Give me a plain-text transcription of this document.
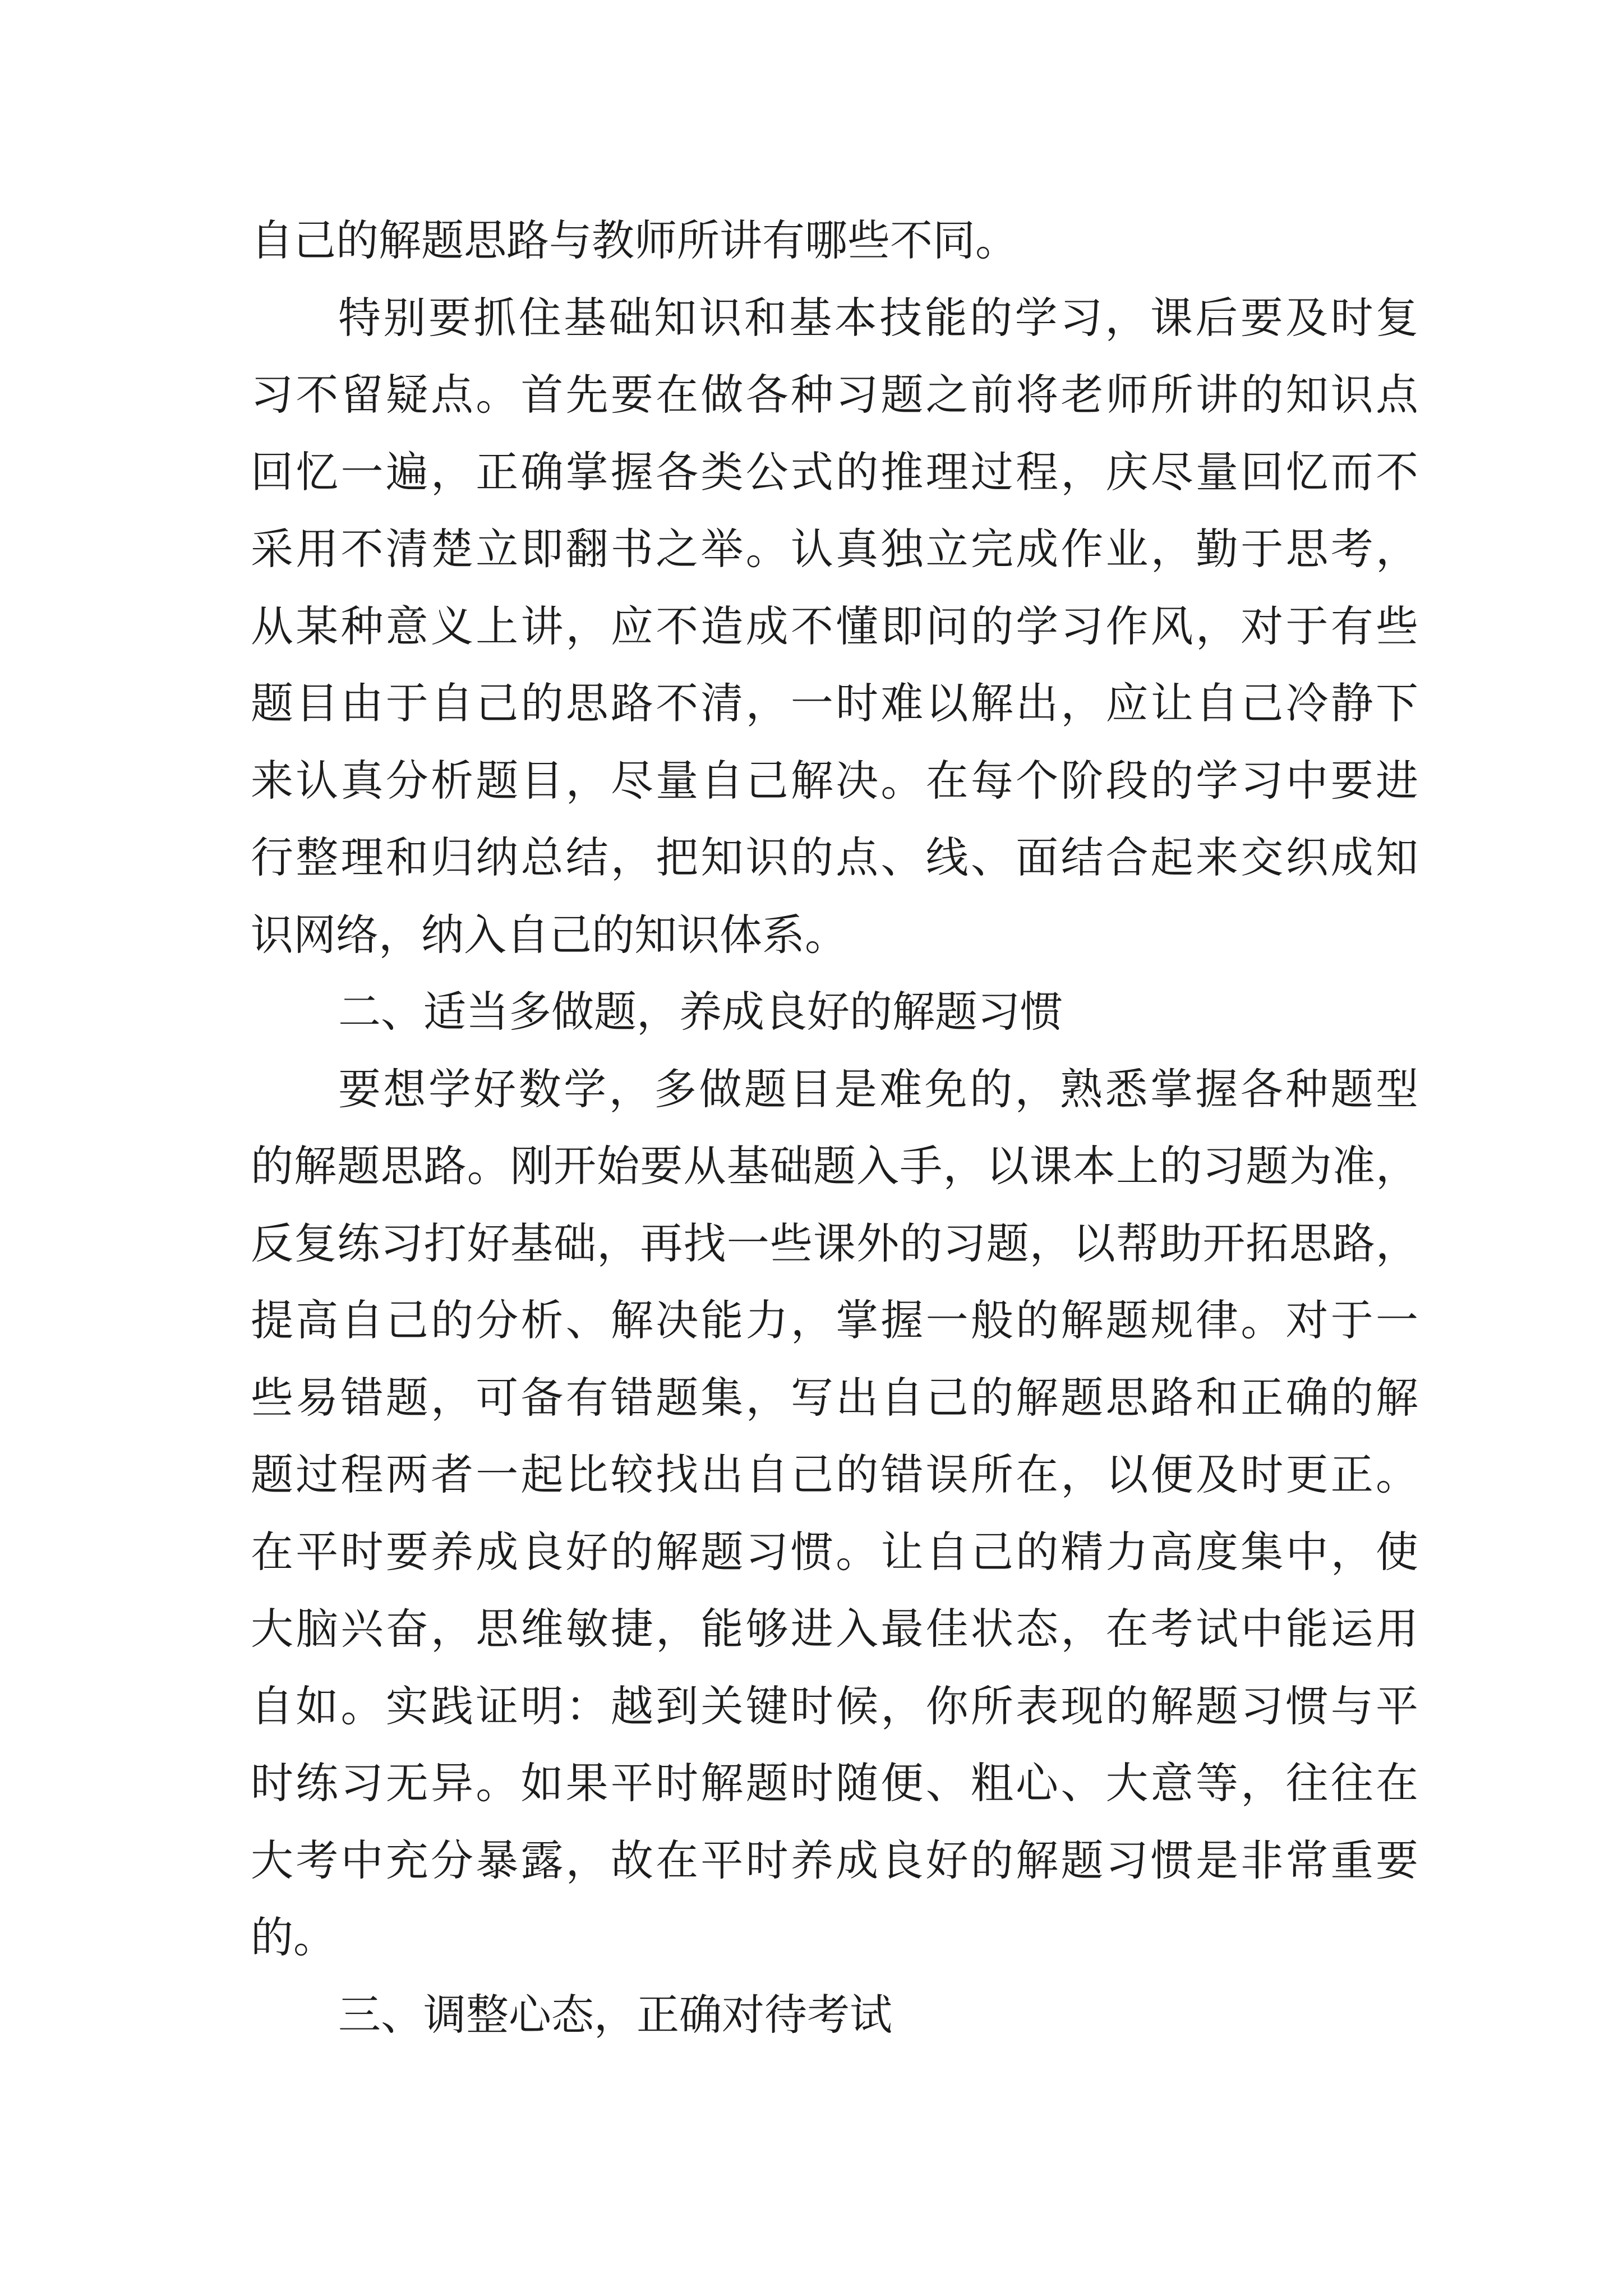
自己的解题思路与教师所讲有哪些不同。
特别要抓住基础知识和基本技能的学习，课后要及时复
习不留疑点。首先要在做各种习题之前将老师所讲的知识点
回忆一遍，正确掌握各类公式的推理过程，庆尽量回忆而不
采用不清楚立即翻书之举。认真独立完成作业，勤于思考，
从某种意义上讲，应不造成不懂即问的学习作风，对于有些
题目由于自己的思路不清，一时难以解出，应让自己冷静下
来认真分析题目，尽量自己解决。在每个阶段的学习中要进
行整理和归纳总结，把知识的点、线、面结合起来交织成知
识网络，纳入自己的知识体系。
二、适当多做题，养成良好的解题习惯
要想学好数学，多做题目是难免的，熟悉掌握各种题型
的解题思路。刚开始要从基础题入手，以课本上的习题为准，
反复练习打好基础，再找一些课外的习题，以帮助开拓思路，
提高自己的分析、解决能力，掌握一般的解题规律。对于一
些易错题，可备有错题集，写出自己的解题思路和正确的解
题过程两者一起比较找出自己的错误所在，以便及时更正。
在平时要养成良好的解题习惯。让自己的精力高度集中，使
大脑兴奋，思维敏捷，能够进入最佳状态，在考试中能运用
自如。实践证明：越到关键时候，你所表现的解题习惯与平
时练习无异。如果平时解题时随便、粗心、大意等，往往在
大考中充分暴露，故在平时养成良好的解题习惯是非常重要
的。
三、调整心态，正确对待考试
